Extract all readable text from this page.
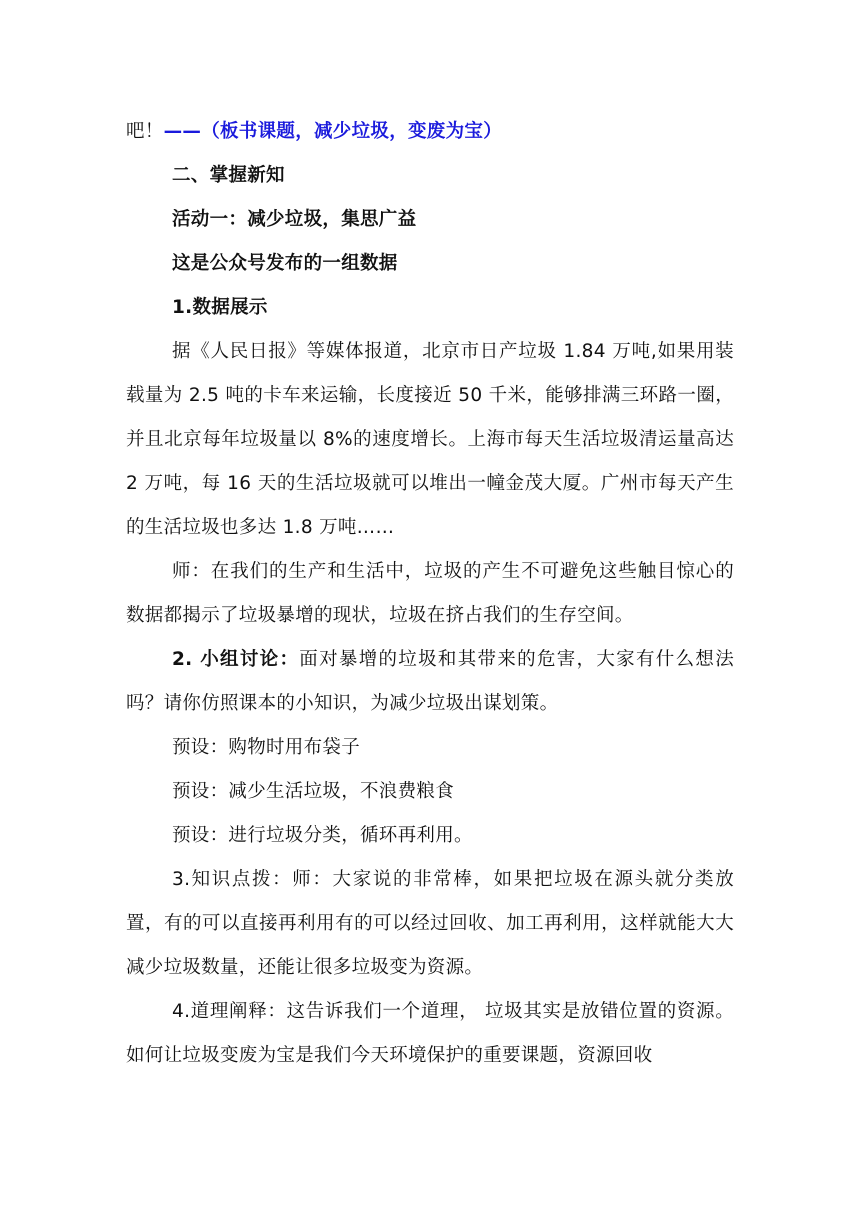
吧！——（板书课题，减少垃圾，变废为宝）

二、掌握新知

活动一：减少垃圾，集思广益

这是公众号发布的一组数据

1.数据展示

据《人民日报》等媒体报道，北京市日产垃圾 1.84 万吨,如果用装载量为 2.5 吨的卡车来运输，长度接近 50 千米，能够排满三环路一圈，并且北京每年垃圾量以 8%的速度增长。上海市每天生活垃圾清运量高达 2 万吨，每 16 天的生活垃圾就可以堆出一幢金茂大厦。广州市每天产生的生活垃圾也多达 1.8 万吨……

师：在我们的生产和生活中，垃圾的产生不可避免这些触目惊心的数据都揭示了垃圾暴增的现状，垃圾在挤占我们的生存空间。

2. 小组讨论：面对暴增的垃圾和其带来的危害，大家有什么想法吗？请你仿照课本的小知识，为减少垃圾出谋划策。

预设：购物时用布袋子

预设：减少生活垃圾，不浪费粮食

预设：进行垃圾分类，循环再利用。

3.知识点拨：师：大家说的非常棒，如果把垃圾在源头就分类放置，有的可以直接再利用有的可以经过回收、加工再利用，这样就能大大减少垃圾数量，还能让很多垃圾变为资源。

4.道理阐释：这告诉我们一个道理， 垃圾其实是放错位置的资源。如何让垃圾变废为宝是我们今天环境保护的重要课题，资源回收
